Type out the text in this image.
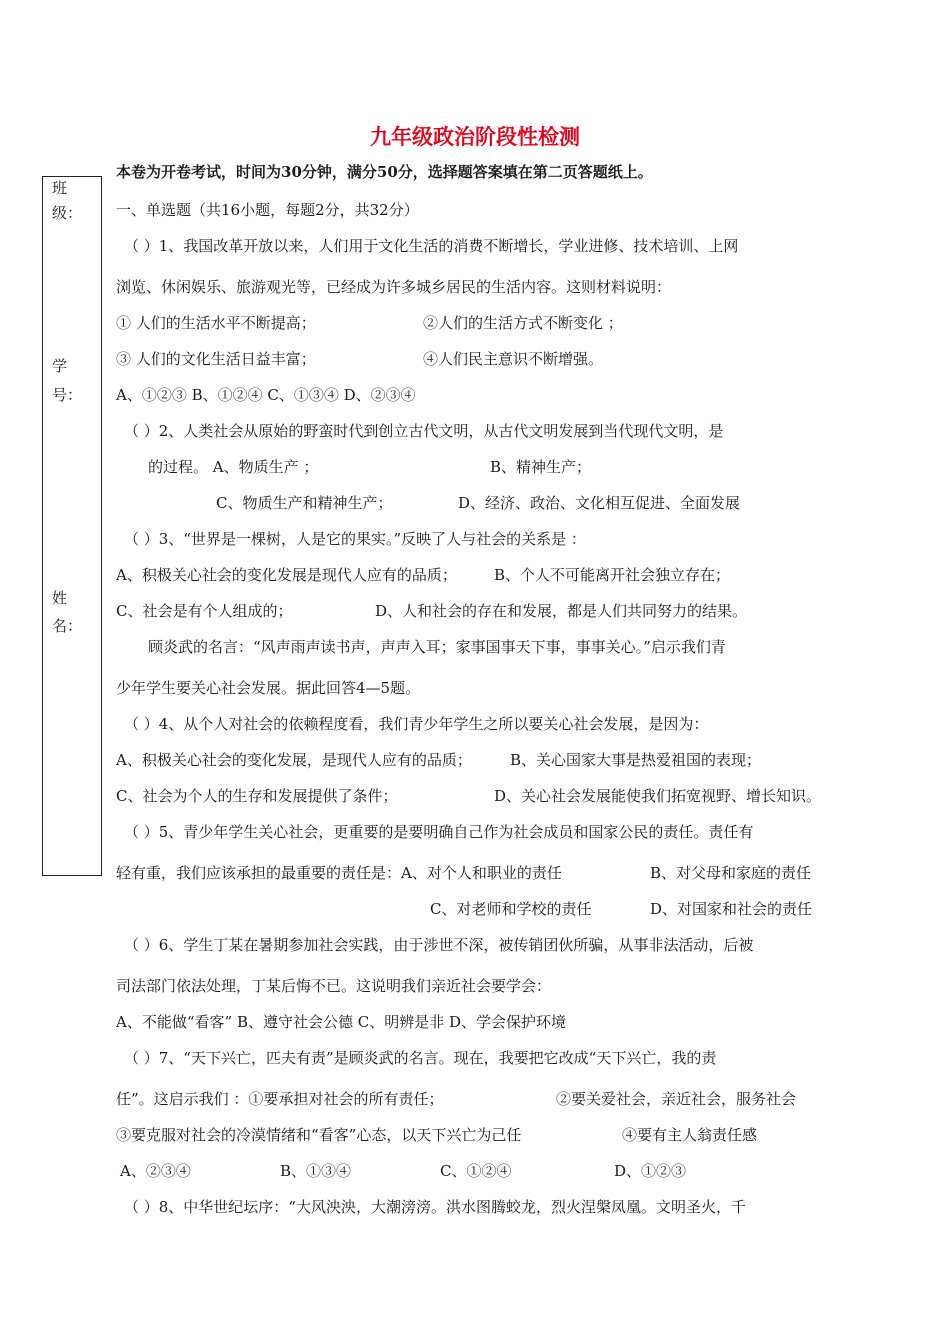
九年级政治阶段性检测
本卷为开卷考试，时间为30分钟，满分50分，选择题答案填在第二页答题纸上。
班
级：
学
号：
姓
名：
一、单选题（共16小题，每题2分，共32分）
（ ）1、我国改革开放以来，人们用于文化生活的消费不断增长，学业进修、技术培训、上网
浏览、休闲娱乐、旅游观光等，已经成为许多城乡居民的生活内容。这则材料说明：
① 人们的生活水平不断提高；	②人们的生活方式不断变化 ；
③ 人们的文化生活日益丰富；	④人们民主意识不断增强。
A、①②③ B、①②④ C、①③④ D、②③④
（ ）2、人类社会从原始的野蛮时代到创立古代文明，从古代文明发展到当代现代文明，是
的过程。 A、物质生产 ；	B、精神生产；
C、物质生产和精神生产；	D、经济、政治、文化相互促进、全面发展
（ ）3、“世界是一棵树，人是它的果实。”反映了人与社会的关系是 ：
A、积极关心社会的变化发展是现代人应有的品质； B、个人不可能离开社会独立存在；
C、社会是有个人组成的；	D、人和社会的存在和发展，都是人们共同努力的结果。
顾炎武的名言：“风声雨声读书声，声声入耳；家事国事天下事，事事关心。”启示我们青
少年学生要关心社会发展。据此回答4—5题。
（ ）4、从个人对社会的依赖程度看，我们青少年学生之所以要关心社会发展，是因为：
A、积极关心社会的变化发展，是现代人应有的品质；	B、关心国家大事是热爱祖国的表现；
C、社会为个人的生存和发展提供了条件；	D、关心社会发展能使我们拓宽视野、增长知识。
（ ）5、青少年学生关心社会，更重要的是要明确自己作为社会成员和国家公民的责任。责任有
轻有重，我们应该承担的最重要的责任是：A、对个人和职业的责任	B、对父母和家庭的责任
C、对老师和学校的责任	D、对国家和社会的责任
（ ）6、学生丁某在暑期参加社会实践，由于涉世不深，被传销团伙所骗，从事非法活动，后被
司法部门依法处理，丁某后悔不已。这说明我们亲近社会要学会：
A、不能做“看客” B、遵守社会公德 C、明辨是非 D、学会保护环境
（ ）7、“天下兴亡，匹夫有责”是顾炎武的名言。现在，我要把它改成“天下兴亡，我的责
任”。这启示我们 ：①要承担对社会的所有责任；	②要关爱社会，亲近社会，服务社会
③要克服对社会的冷漠情绪和“看客”心态，以天下兴亡为己任	④要有主人翁责任感
A、②③④	B、①③④	C、①②④	D、①②③
（ ）8、中华世纪坛序：“大风泱泱，大潮滂滂。洪水图腾蛟龙，烈火涅槃凤凰。文明圣火，千
